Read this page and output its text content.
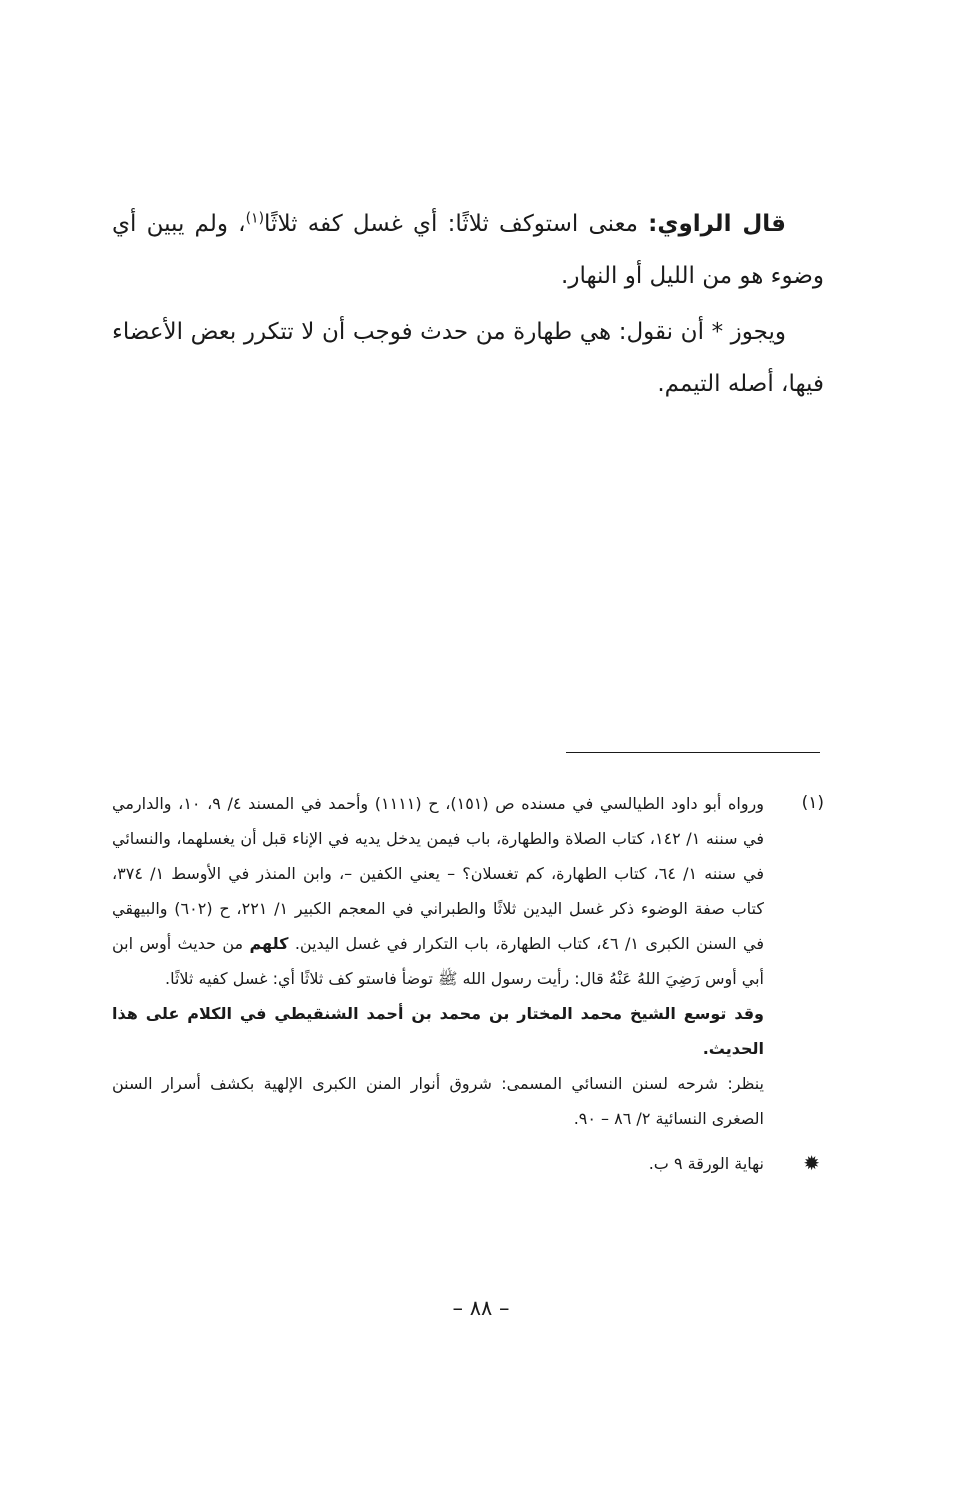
قال الراوي: معنى استوكف ثلاثًا: أي غسل كفه ثلاثًا$^{(١)}$، ولم يبين أي وضوء هو من الليل أو النهار.

ويجوز * أن نقول: هي طهارة من حدث فوجب أن لا تتكرر بعض الأعضاء فيها، أصله التيمم.

(١)

ورواه أبو داود الطيالسي في مسنده ص (١٥١)، ح (١١١١) وأحمد في المسند ٤/ ٩، ١٠، والدارمي في سننه ١/ ١٤٢، كتاب الصلاة والطهارة، باب فيمن يدخل يديه في الإناء قبل أن يغسلهما، والنسائي في سننه ١/ ٦٤، كتاب الطهارة، كم تغسلان؟ – يعني الكفين –، وابن المنذر في الأوسط ١/ ٣٧٤، كتاب صفة الوضوء ذكر غسل اليدين ثلاثًا والطبراني في المعجم الكبير ١/ ٢٢١، ح (٦٠٢) والبيهقي في السنن الكبرى ١/ ٤٦، كتاب الطهارة، باب التكرار في غسل اليدين. كلهم من حديث أوس ابن أبي أوس رَضِيَ اللهُ عَنْهُ قال: رأيت رسول الله ﷺ توضأ فاستو كف ثلاثًا أي: غسل كفيه ثلاثًا.

وقد توسع الشيخ محمد المختار بن محمد بن أحمد الشنقيطي في الكلام على هذا الحديث.

ينظر: شرحه لسنن النسائي المسمى: شروق أنوار المنن الكبرى الإلهية بكشف أسرار السنن الصغرى النسائية ٢/ ٨٦ – ٩٠.

✹
نهاية الورقة ٩ ب.
– ٨٨ –
